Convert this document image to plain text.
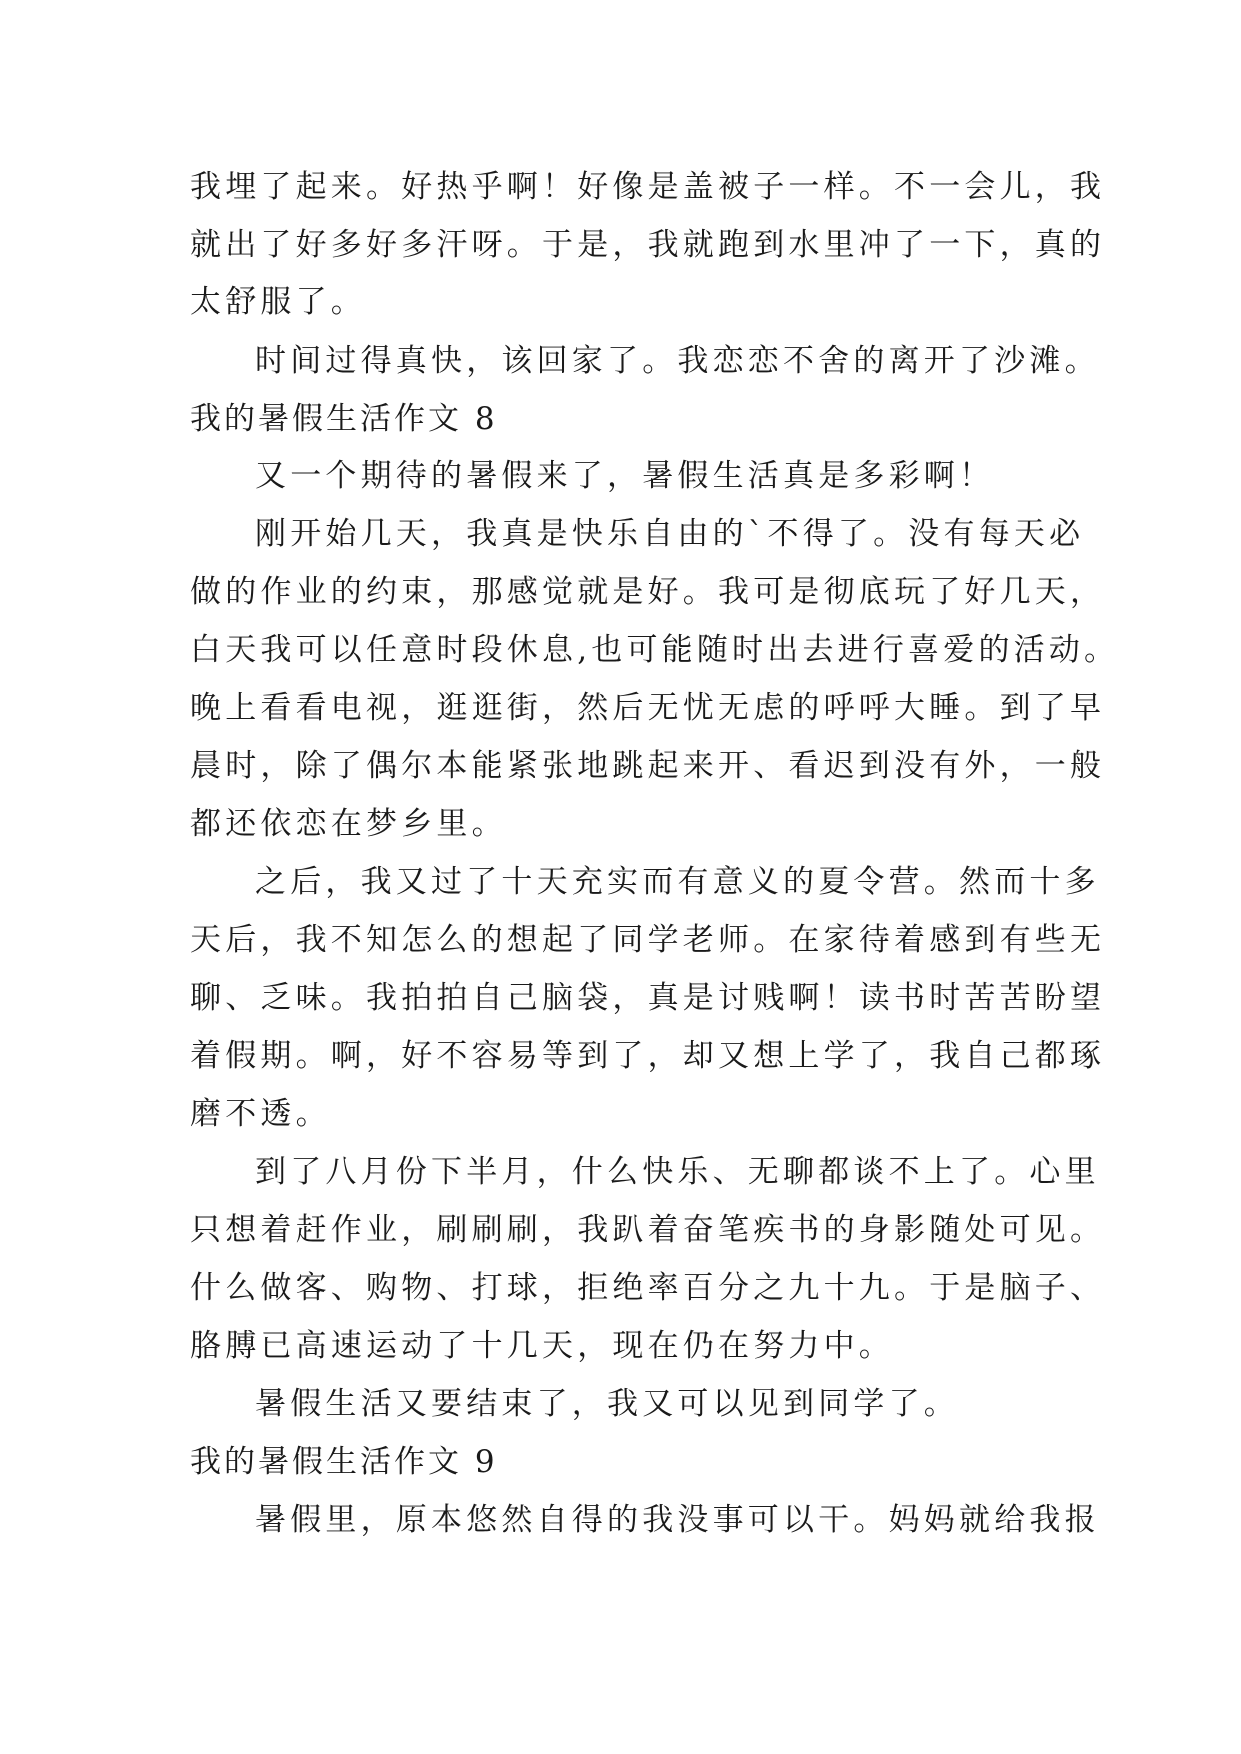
我埋了起来。好热乎啊！好像是盖被子一样。不一会儿，我
就出了好多好多汗呀。于是，我就跑到水里冲了一下，真的
太舒服了。
时间过得真快，该回家了。我恋恋不舍的离开了沙滩。
我的暑假生活作文 8
又一个期待的暑假来了，暑假生活真是多彩啊！
刚开始几天，我真是快乐自由的`不得了。没有每天必
做的作业的约束，那感觉就是好。我可是彻底玩了好几天，
白天我可以任意时段休息,也可能随时出去进行喜爱的活动。
晚上看看电视，逛逛街，然后无忧无虑的呼呼大睡。到了早
晨时，除了偶尔本能紧张地跳起来开、看迟到没有外，一般
都还依恋在梦乡里。
之后，我又过了十天充实而有意义的夏令营。然而十多
天后，我不知怎么的想起了同学老师。在家待着感到有些无
聊、乏味。我拍拍自己脑袋，真是讨贱啊！读书时苦苦盼望
着假期。啊，好不容易等到了，却又想上学了，我自己都琢
磨不透。
到了八月份下半月，什么快乐、无聊都谈不上了。心里
只想着赶作业，刷刷刷，我趴着奋笔疾书的身影随处可见。
什么做客、购物、打球，拒绝率百分之九十九。于是脑子、
胳膊已高速运动了十几天，现在仍在努力中。
暑假生活又要结束了，我又可以见到同学了。
我的暑假生活作文 9
暑假里，原本悠然自得的我没事可以干。妈妈就给我报
